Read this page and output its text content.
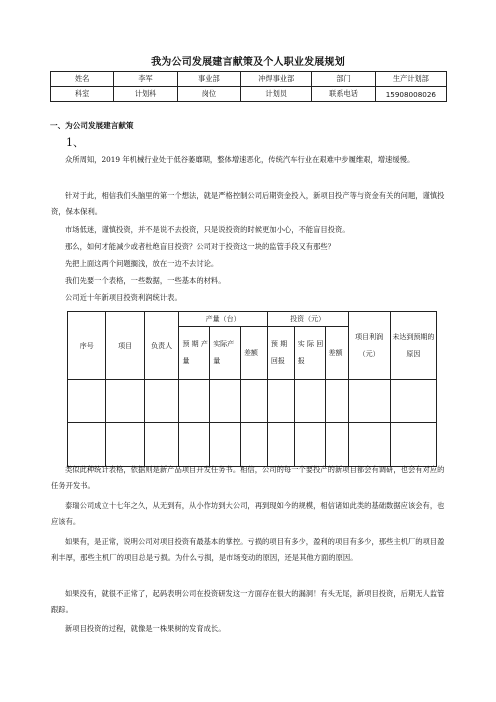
我为公司发展建言献策及个人职业发展规划
姓名	李军	事业部	冲焊事业部	部门	生产计划部
科室	计划科	岗位	计划员	联系电话	15908008026
一、为公司发展建言献策
1、

众所周知，2019 年机械行业处于低谷萎靡期，整体增速恶化，传统汽车行业在艰难中步履维艰，增速缓慢。

针对于此，相信我们头脑里的第一个想法，就是严格控制公司后期资金投入，新项目投产等与资金有关的问题，谨慎投资，保本保利。

市场低迷，谨慎投资，并不是说不去投资，只是说投资的时候更加小心，不能盲目投资。

那么，如何才能减少或者杜绝盲目投资？公司对于投资这一块的监管手段又有那些？

先把上面这两个问题搁浅，放在一边不去讨论。

我们先要一个表格，一些数据，一些基本的材料。

公司近十年新项目投资利润统计表。

序号	项目	负责人	产量（台）			投资（元）			项目利润（元）	未达到预期的原因
			预 期 产量	实际产量	差额	预 期 回报	实 际 回报	差额		

类似此种统计表格，依据则是新产品项目开发任务书。相信，公司的每一个要投产的新项目都会有调研，也会有对应的任务开发书。

泰瑞公司成立十七年之久，从无到有，从小作坊到大公司，再到现如今的规模，相信诸如此类的基础数据应该会有，也应该有。

如果有，是正常，说明公司对项目投资有最基本的掌控。亏损的项目有多少，盈利的项目有多少，那些主机厂的项目盈利丰厚，那些主机厂的项目总是亏损。为什么亏损，是市场变动的原因，还是其他方面的原因。

如果没有，就很不正常了，起码表明公司在投资研发这一方面存在很大的漏洞！有头无尾，新项目投资，后期无人监管跟踪。

新项目投资的过程，就像是一株果树的发育成长。
